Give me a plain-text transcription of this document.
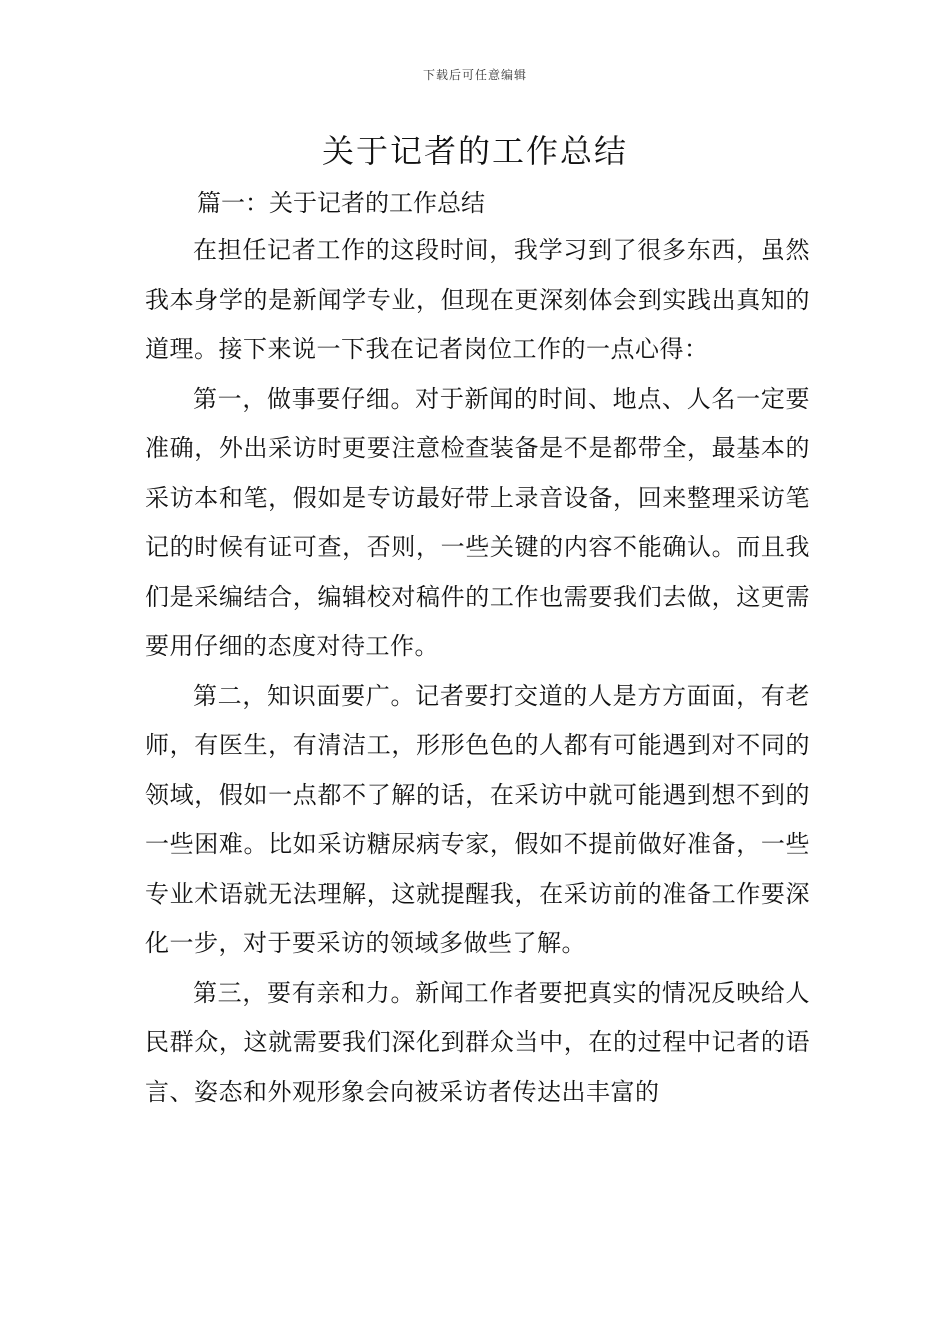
下载后可任意编辑
关于记者的工作总结

篇一：关于记者的工作总结

在担任记者工作的这段时间，我学习到了很多东西，虽然我本身学的是新闻学专业，但现在更深刻体会到实践出真知的道理。接下来说一下我在记者岗位工作的一点心得：

第一，做事要仔细。对于新闻的时间、地点、人名一定要准确，外出采访时更要注意检查装备是不是都带全，最基本的采访本和笔，假如是专访最好带上录音设备，回来整理采访笔记的时候有证可查，否则，一些关键的内容不能确认。而且我们是采编结合，编辑校对稿件的工作也需要我们去做，这更需要用仔细的态度对待工作。

第二，知识面要广。记者要打交道的人是方方面面，有老师，有医生，有清洁工，形形色色的人都有可能遇到对不同的领域，假如一点都不了解的话，在采访中就可能遇到想不到的一些困难。比如采访糖尿病专家，假如不提前做好准备，一些专业术语就无法理解，这就提醒我，在采访前的准备工作要深化一步，对于要采访的领域多做些了解。

第三，要有亲和力。新闻工作者要把真实的情况反映给人民群众，这就需要我们深化到群众当中，在的过程中记者的语言、姿态和外观形象会向被采访者传达出丰富的
